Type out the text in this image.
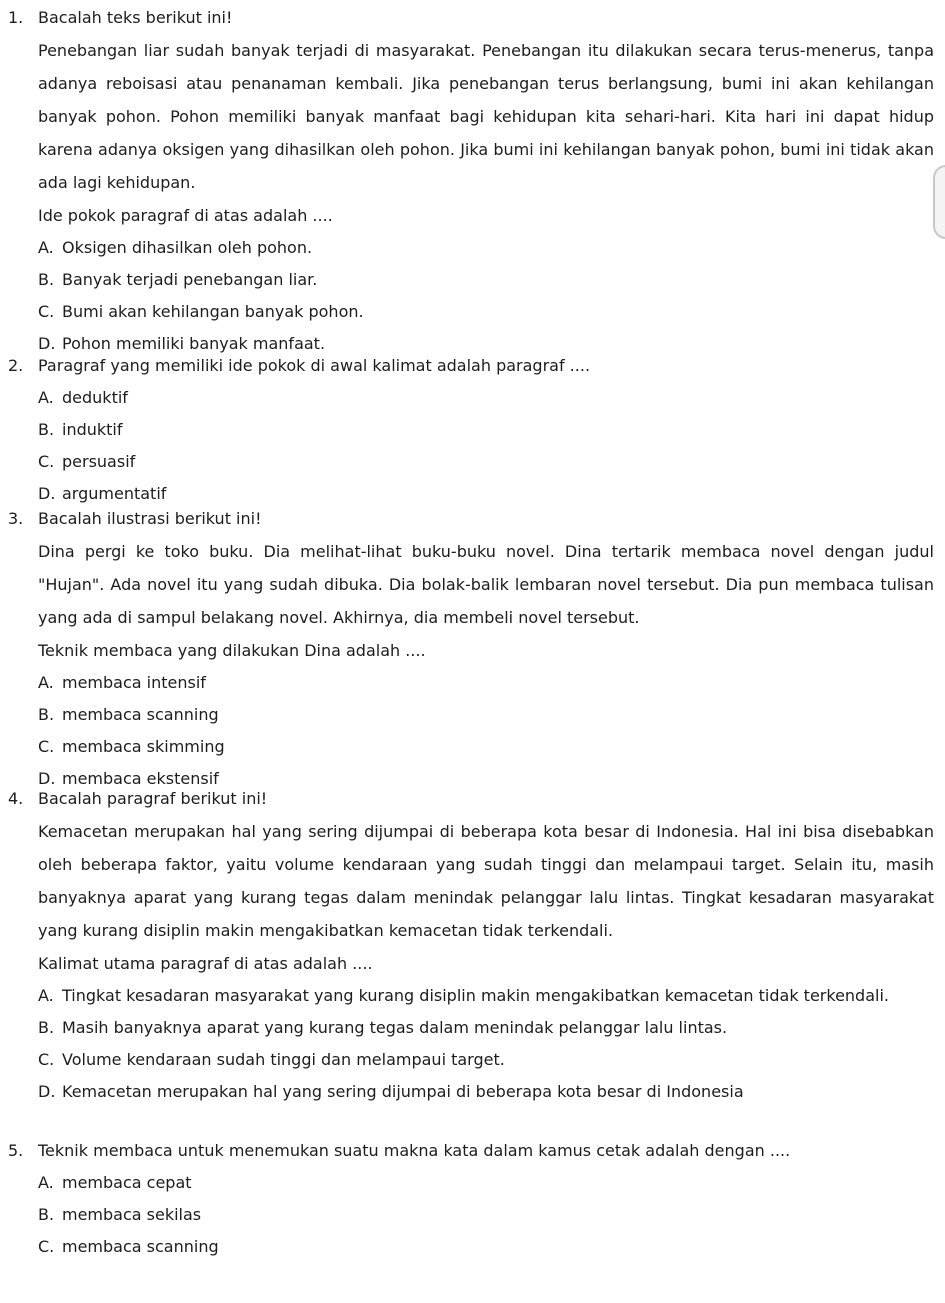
1. Bacalah teks berikut ini!

Penebangan liar sudah banyak terjadi di masyarakat. Penebangan itu dilakukan secara terus-menerus, tanpa adanya reboisasi atau penanaman kembali. Jika penebangan terus berlangsung, bumi ini akan kehilangan banyak pohon. Pohon memiliki banyak manfaat bagi kehidupan kita sehari-hari. Kita hari ini dapat hidup karena adanya oksigen yang dihasilkan oleh pohon. Jika bumi ini kehilangan banyak pohon, bumi ini tidak akan ada lagi kehidupan.

Ide pokok paragraf di atas adalah ....

A. Oksigen dihasilkan oleh pohon.
B. Banyak terjadi penebangan liar.
C. Bumi akan kehilangan banyak pohon.
D. Pohon memiliki banyak manfaat.
2. Paragraf yang memiliki ide pokok di awal kalimat adalah paragraf ....
A. deduktif
B. induktif
C. persuasif
D. argumentatif
3. Bacalah ilustrasi berikut ini!

Dina pergi ke toko buku. Dia melihat-lihat buku-buku novel. Dina tertarik membaca novel dengan judul "Hujan". Ada novel itu yang sudah dibuka. Dia bolak-balik lembaran novel tersebut. Dia pun membaca tulisan yang ada di sampul belakang novel. Akhirnya, dia membeli novel tersebut.

Teknik membaca yang dilakukan Dina adalah ....

A. membaca intensif
B. membaca scanning
C. membaca skimming
D. membaca ekstensif
4. Bacalah paragraf berikut ini!

Kemacetan merupakan hal yang sering dijumpai di beberapa kota besar di Indonesia. Hal ini bisa disebabkan oleh beberapa faktor, yaitu volume kendaraan yang sudah tinggi dan melampaui target. Selain itu, masih banyaknya aparat yang kurang tegas dalam menindak pelanggar lalu lintas. Tingkat kesadaran masyarakat yang kurang disiplin makin mengakibatkan kemacetan tidak terkendali.

Kalimat utama paragraf di atas adalah ....

A. Tingkat kesadaran masyarakat yang kurang disiplin makin mengakibatkan kemacetan tidak terkendali.
B. Masih banyaknya aparat yang kurang tegas dalam menindak pelanggar lalu lintas.
C. Volume kendaraan sudah tinggi dan melampaui target.
D. Kemacetan merupakan hal yang sering dijumpai di beberapa kota besar di Indonesia
5. Teknik membaca untuk menemukan suatu makna kata dalam kamus cetak adalah dengan ....
A. membaca cepat
B. membaca sekilas
C. membaca scanning
